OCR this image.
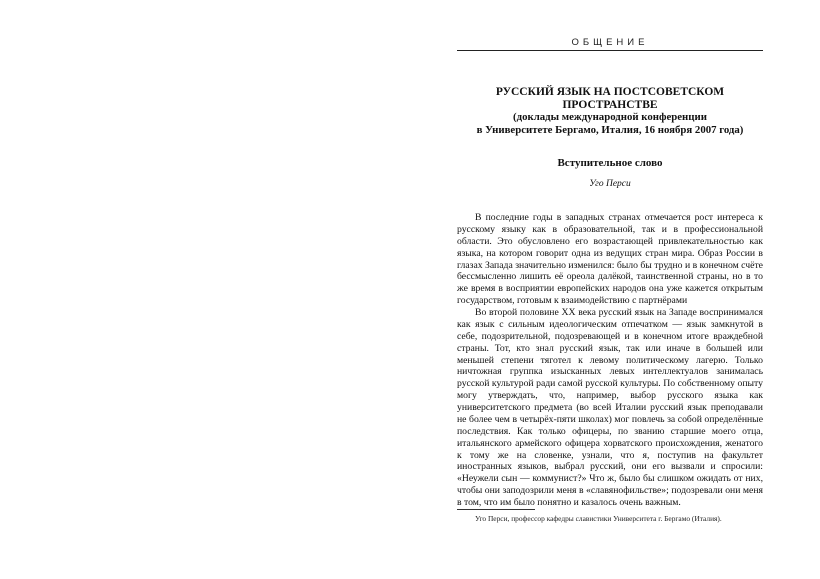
ОБЩЕНИЕ
РУССКИЙ ЯЗЫК НА ПОСТСОВЕТСКОМ
ПРОСТРАНСТВЕ
(доклады международной конференции
в Университете Бергамо, Италия, 16 ноября 2007 года)
Вступительное слово
Уго Перси

В последние годы в западных странах отмечается рост интереса к русскому языку как в образовательной, так и в профессиональной области. Это обусловлено его возрастающей привлекательностью как языка, на котором говорит одна из ведущих стран мира. Образ России в глазах Запада значительно изменился: было бы трудно и в конечном счёте бессмысленно лишить её ореола далёкой, таинственной страны, но в то же время в восприятии европейских народов она уже кажется открытым государством, готовым к взаимодействию с партнёрами

Во второй половине XX века русский язык на Западе воспринимался как язык с сильным идеологическим отпечатком — язык замкнутой в себе, подозрительной, подозревающей и в конечном итоге враждебной страны. Тот, кто знал русский язык, так или иначе в большей или меньшей степени тяготел к левому политическому лагерю. Только ничтожная группка изысканных левых интеллектуалов занималась русской культурой ради самой русской культуры. По собственному опыту могу утверждать, что, например, выбор русского языка как университетского предмета (во всей Италии русский язык преподавали не более чем в четырёх-пяти школах) мог повлечь за собой определённые последствия. Как только офицеры, по званию старшие моего отца, итальянского армейского офицера хорватского происхождения, женатого к тому же на словенке, узнали, что я, поступив на факультет иностранных языков, выбрал русский, они его вызвали и спросили: «Неужели сын — коммунист?» Что ж, было бы слишком ожидать от них, чтобы они заподозрили меня в «славянофильстве»; подозревали они меня в том, что им было понятно и казалось очень важным.

Уго Перси, профессор кафедры славистики Университета г. Бергамо (Италия).
